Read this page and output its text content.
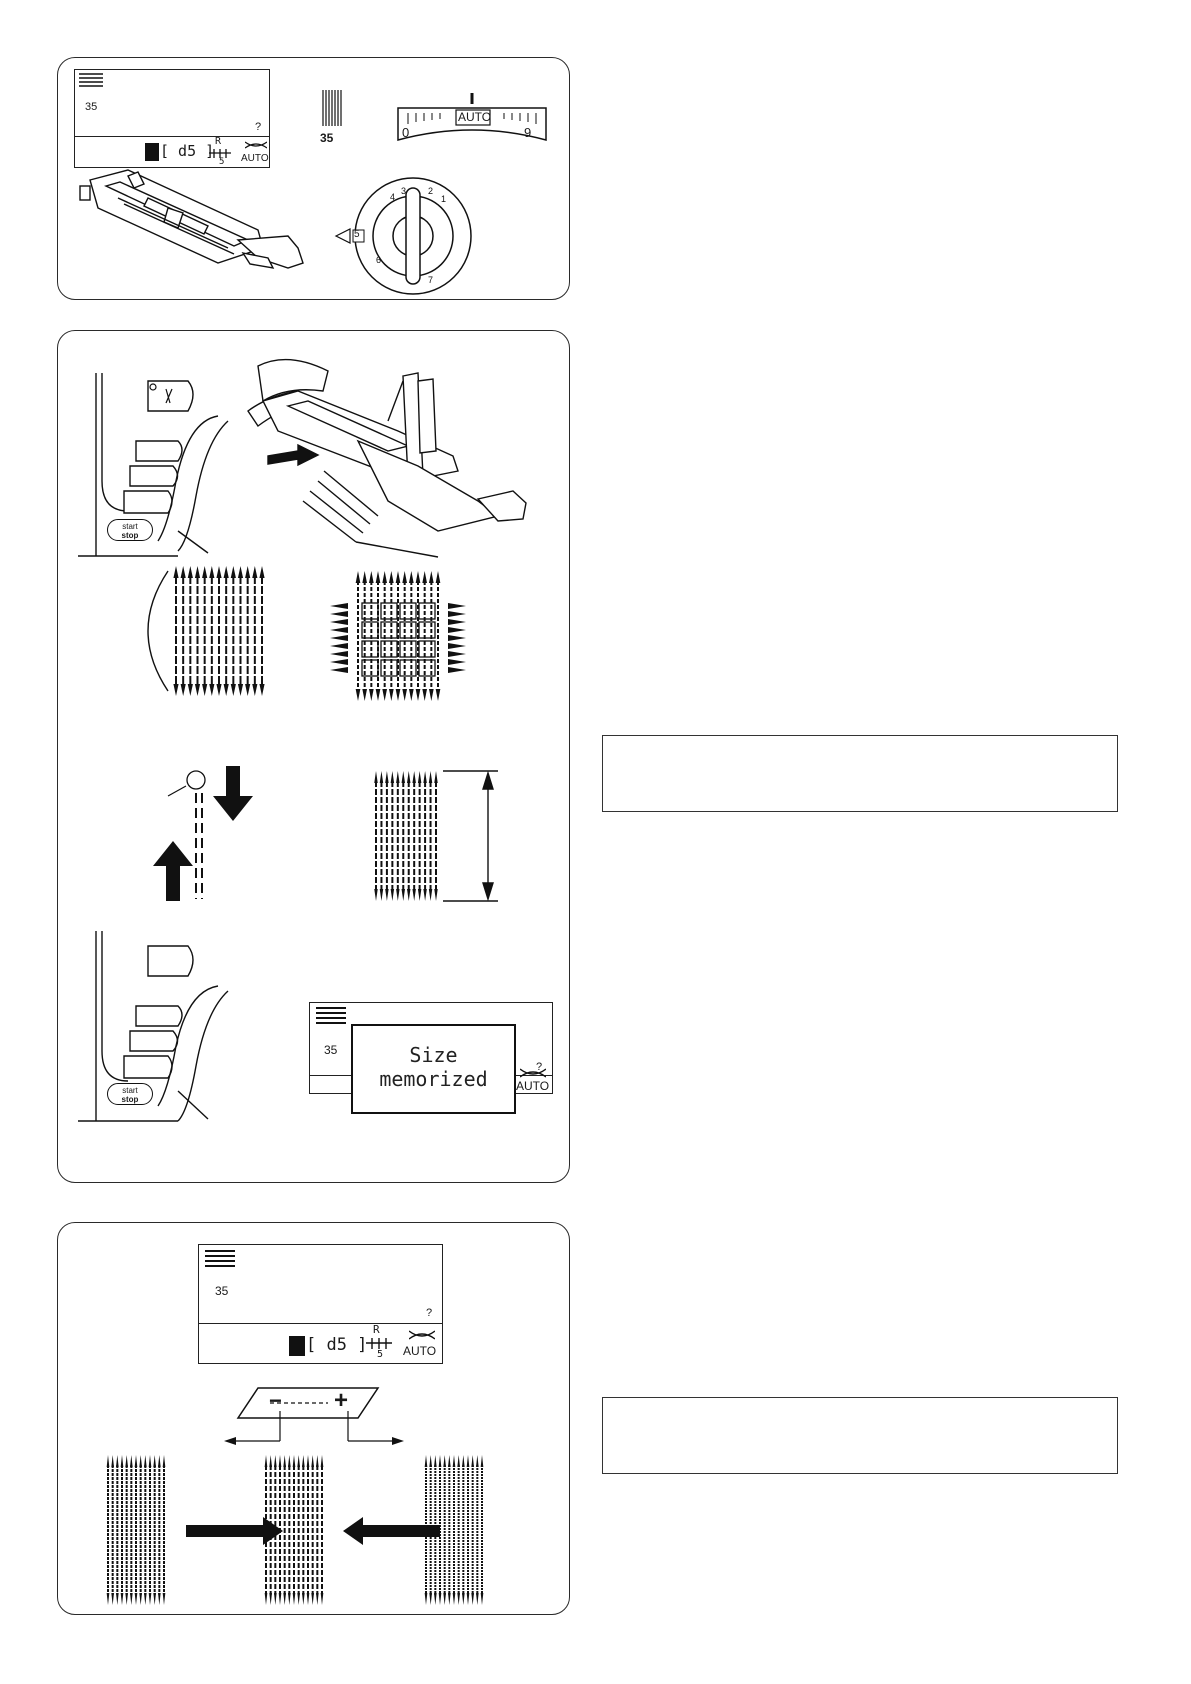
4
3 2
1
6
7
35
AUTO
0	9
5
35
?
[ d5 ]
R
5 AUTO
start
stop
start
stop
35
?
AUTO
Size
memorized
− +
35
?
[ d5 ]
R
5 AUTO
